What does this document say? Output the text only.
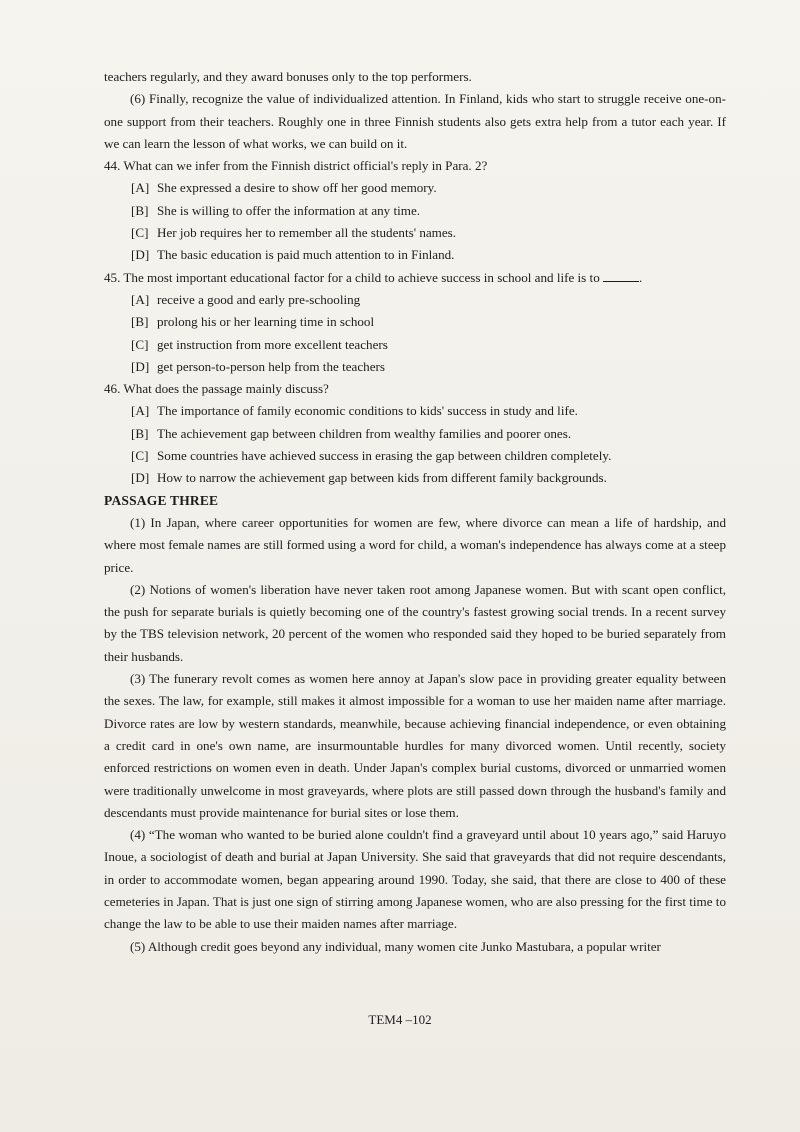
teachers regularly, and they award bonuses only to the top performers.

(6) Finally, recognize the value of individualized attention. In Finland, kids who start to struggle receive one-on-one support from their teachers. Roughly one in three Finnish students also gets extra help from a tutor each year. If we can learn the lesson of what works, we can build on it.

44. What can we infer from the Finnish district official's reply in Para. 2?

[A] She expressed a desire to show off her good memory.

[B] She is willing to offer the information at any time.

[C] Her job requires her to remember all the students' names.

[D] The basic education is paid much attention to in Finland.

45. The most important educational factor for a child to achieve success in school and life is to	.

[A] receive a good and early pre-schooling

[B] prolong his or her learning time in school

[C] get instruction from more excellent teachers

[D] get person-to-person help from the teachers

46. What does the passage mainly discuss?

[A] The importance of family economic conditions to kids' success in study and life.

[B] The achievement gap between children from wealthy families and poorer ones.

[C] Some countries have achieved success in erasing the gap between children completely.

[D] How to narrow the achievement gap between kids from different family backgrounds.

PASSAGE THREE

(1) In Japan, where career opportunities for women are few, where divorce can mean a life of hardship, and where most female names are still formed using a word for child, a woman's independence has always come at a steep price.

(2) Notions of women's liberation have never taken root among Japanese women. But with scant open conflict, the push for separate burials is quietly becoming one of the country's fastest growing social trends. In a recent survey by the TBS television network, 20 percent of the women who responded said they hoped to be buried separately from their husbands.

(3) The funerary revolt comes as women here annoy at Japan's slow pace in providing greater equality between the sexes. The law, for example, still makes it almost impossible for a woman to use her maiden name after marriage. Divorce rates are low by western standards, meanwhile, because achieving financial independence, or even obtaining a credit card in one's own name, are insurmountable hurdles for many divorced women. Until recently, society enforced restrictions on women even in death. Under Japan's complex burial customs, divorced or unmarried women were traditionally unwelcome in most graveyards, where plots are still passed down through the husband's family and descendants must provide maintenance for burial sites or lose them.

(4) “The woman who wanted to be buried alone couldn't find a graveyard until about 10 years ago,” said Haruyo Inoue, a sociologist of death and burial at Japan University. She said that graveyards that did not require descendants, in order to accommodate women, began appearing around 1990. Today, she said, that there are close to 400 of these cemeteries in Japan. That is just one sign of stirring among Japanese women, who are also pressing for the first time to change the law to be able to use their maiden names after marriage.

(5) Although credit goes beyond any individual, many women cite Junko Mastubara, a popular writer

TEM4 –102
